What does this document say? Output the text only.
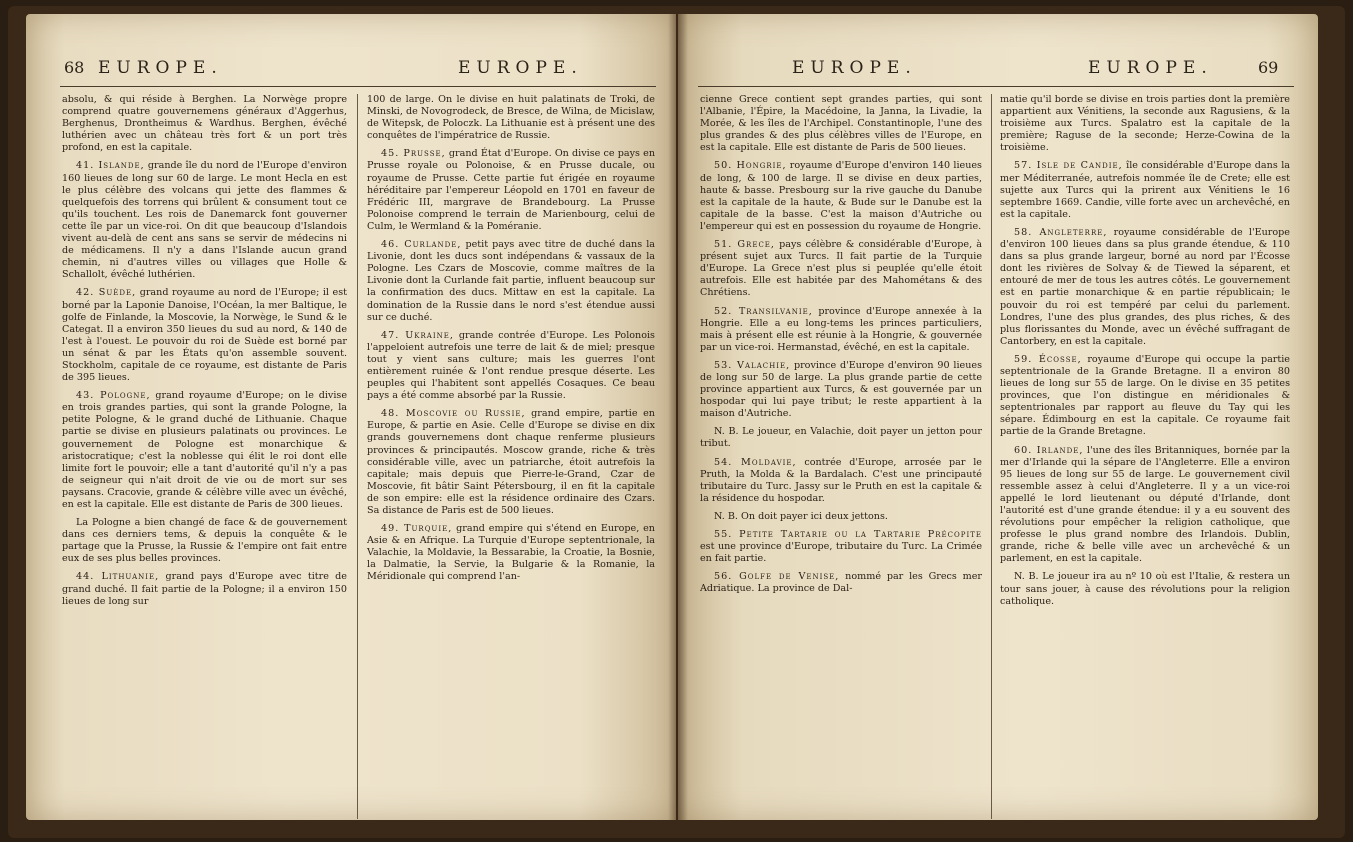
68 EUROPE.	EUROPE.

absolu, & qui réside à Berghen. La Norwège propre comprend quatre gouvernemens généraux d'Aggerhus, Berghenus, Drontheimus & Wardhus. Berghen, évêché luthérien avec un château très fort & un port très profond, en est la capitale.

41. Islande, grande île du nord de l'Europe d'environ 160 lieues de long sur 60 de large. Le mont Hecla en est le plus célèbre des volcans qui jette des flammes & quelquefois des torrens qui brûlent & consument tout ce qu'ils touchent. Les rois de Danemarck font gouverner cette île par un vice-roi. On dit que beaucoup d'Islandois vivent au-delà de cent ans sans se servir de médecins ni de médicamens. Il n'y a dans l'Islande aucun grand chemin, ni d'autres villes ou villages que Holle & Schallolt, évêché luthérien.

42. Suède, grand royaume au nord de l'Europe; il est borné par la Laponie Danoise, l'Océan, la mer Baltique, le golfe de Finlande, la Moscovie, la Norwège, le Sund & le Categat. Il a environ 350 lieues du sud au nord, & 140 de l'est à l'ouest. Le pouvoir du roi de Suède est borné par un sénat & par les États qu'on assemble souvent. Stockholm, capitale de ce royaume, est distante de Paris de 395 lieues.

43. Pologne, grand royaume d'Europe; on le divise en trois grandes parties, qui sont la grande Pologne, la petite Pologne, & le grand duché de Lithuanie. Chaque partie se divise en plusieurs palatinats ou provinces. Le gouvernement de Pologne est monarchique & aristocratique; c'est la noblesse qui élit le roi dont elle limite fort le pouvoir; elle a tant d'autorité qu'il n'y a pas de seigneur qui n'ait droit de vie ou de mort sur ses paysans. Cracovie, grande & célèbre ville avec un évêché, en est la capitale. Elle est distante de Paris de 300 lieues.

La Pologne a bien changé de face & de gouvernement dans ces derniers tems, & depuis la conquête & le partage que la Prusse, la Russie & l'empire ont fait entre eux de ses plus belles provinces.

44. Lithuanie, grand pays d'Europe avec titre de grand duché. Il fait partie de la Pologne; il a environ 150 lieues de long sur

100 de large. On le divise en huit palatinats de Troki, de Minski, de Novogrodeck, de Bresce, de Wilna, de Micislaw, de Witepsk, de Poloczk. La Lithuanie est à présent une des conquêtes de l'impératrice de Russie.

45. Prusse, grand État d'Europe. On divise ce pays en Prusse royale ou Polonoise, & en Prusse ducale, ou royaume de Prusse. Cette partie fut érigée en royaume héréditaire par l'empereur Léopold en 1701 en faveur de Frédéric III, margrave de Brandebourg. La Prusse Polonoise comprend le terrain de Marienbourg, celui de Culm, le Wermland & la Poméranie.

46. Curlande, petit pays avec titre de duché dans la Livonie, dont les ducs sont indépendans & vassaux de la Pologne. Les Czars de Moscovie, comme maîtres de la Livonie dont la Curlande fait partie, influent beaucoup sur la confirmation des ducs. Mittaw en est la capitale. La domination de la Russie dans le nord s'est étendue aussi sur ce duché.

47. Ukraine, grande contrée d'Europe. Les Polonois l'appeloient autrefois une terre de lait & de miel; presque tout y vient sans culture; mais les guerres l'ont entièrement ruinée & l'ont rendue presque déserte. Les peuples qui l'habitent sont appellés Cosaques. Ce beau pays a été comme absorbé par la Russie.

48. Moscovie ou Russie, grand empire, partie en Europe, & partie en Asie. Celle d'Europe se divise en dix grands gouvernemens dont chaque renferme plusieurs provinces & principautés. Moscow grande, riche & très considérable ville, avec un patriarche, étoit autrefois la capitale; mais depuis que Pierre-le-Grand, Czar de Moscovie, fit bâtir Saint Pétersbourg, il en fit la capitale de son empire: elle est la résidence ordinaire des Czars. Sa distance de Paris est de 500 lieues.

49. Turquie, grand empire qui s'étend en Europe, en Asie & en Afrique. La Turquie d'Europe septentrionale, la Valachie, la Moldavie, la Bessarabie, la Croatie, la Bosnie, la Dalmatie, la Servie, la Bulgarie & la Romanie, la Méridionale qui comprend l'an-

EUROPE.	EUROPE.	69

cienne Grece contient sept grandes parties, qui sont l'Albanie, l'Épire, la Macédoine, la Janna, la Livadie, la Morée, & les îles de l'Archipel. Constantinople, l'une des plus grandes & des plus célèbres villes de l'Europe, en est la capitale. Elle est distante de Paris de 500 lieues.

50. Hongrie, royaume d'Europe d'environ 140 lieues de long, & 100 de large. Il se divise en deux parties, haute & basse. Presbourg sur la rive gauche du Danube est la capitale de la haute, & Bude sur le Danube est la capitale de la basse. C'est la maison d'Autriche ou l'empereur qui est en possession du royaume de Hongrie.

51. Grece, pays célèbre & considérable d'Europe, à présent sujet aux Turcs. Il fait partie de la Turquie d'Europe. La Grece n'est plus si peuplée qu'elle étoit autrefois. Elle est habitée par des Mahométans & des Chrétiens.

52. Transilvanie, province d'Europe annexée à la Hongrie. Elle a eu long-tems les princes particuliers, mais à présent elle est réunie à la Hongrie, & gouvernée par un vice-roi. Hermanstad, évêché, en est la capitale.

53. Valachie, province d'Europe d'environ 90 lieues de long sur 50 de large. La plus grande partie de cette province appartient aux Turcs, & est gouvernée par un hospodar qui lui paye tribut; le reste appartient à la maison d'Autriche.

N. B. Le joueur, en Valachie, doit payer un jetton pour tribut.

54. Moldavie, contrée d'Europe, arrosée par le Pruth, la Molda & la Bardalach. C'est une principauté tributaire du Turc. Jassy sur le Pruth en est la capitale & la résidence du hospodar.

N. B. On doit payer ici deux jettons.

55. Petite Tartarie ou la Tartarie Précopite est une province d'Europe, tributaire du Turc. La Crimée en fait partie.

56. Golfe de Venise, nommé par les Grecs mer Adriatique. La province de Dal-

matie qu'il borde se divise en trois parties dont la première appartient aux Vénitiens, la seconde aux Ragusiens, & la troisième aux Turcs. Spalatro est la capitale de la première; Raguse de la seconde; Herze-Cowina de la troisième.

57. Isle de Candie, île considérable d'Europe dans la mer Méditerranée, autrefois nommée île de Crete; elle est sujette aux Turcs qui la prirent aux Vénitiens le 16 septembre 1669. Candie, ville forte avec un archevêché, en est la capitale.

58. Angleterre, royaume considérable de l'Europe d'environ 100 lieues dans sa plus grande étendue, & 110 dans sa plus grande largeur, borné au nord par l'Écosse dont les rivières de Solvay & de Tiewed la séparent, et entouré de mer de tous les autres côtés. Le gouvernement est en partie monarchique & en partie républicain; le pouvoir du roi est tempéré par celui du parlement. Londres, l'une des plus grandes, des plus riches, & des plus florissantes du Monde, avec un évêché suffragant de Cantorbery, en est la capitale.

59. Écosse, royaume d'Europe qui occupe la partie septentrionale de la Grande Bretagne. Il a environ 80 lieues de long sur 55 de large. On le divise en 35 petites provinces, que l'on distingue en méridionales & septentrionales par rapport au fleuve du Tay qui les sépare. Édimbourg en est la capitale. Ce royaume fait partie de la Grande Bretagne.

60. Irlande, l'une des îles Britanniques, bornée par la mer d'Irlande qui la sépare de l'Angleterre. Elle a environ 95 lieues de long sur 55 de large. Le gouvernement civil ressemble assez à celui d'Angleterre. Il y a un vice-roi appellé le lord lieutenant ou député d'Irlande, dont l'autorité est d'une grande étendue: il y a eu souvent des révolutions pour empêcher la religion catholique, que professe le plus grand nombre des Irlandois. Dublin, grande, riche & belle ville avec un archevêché & un parlement, en est la capitale.

N. B. Le joueur ira au nº 10 où est l'Italie, & restera un tour sans jouer, à cause des révolutions pour la religion catholique.
